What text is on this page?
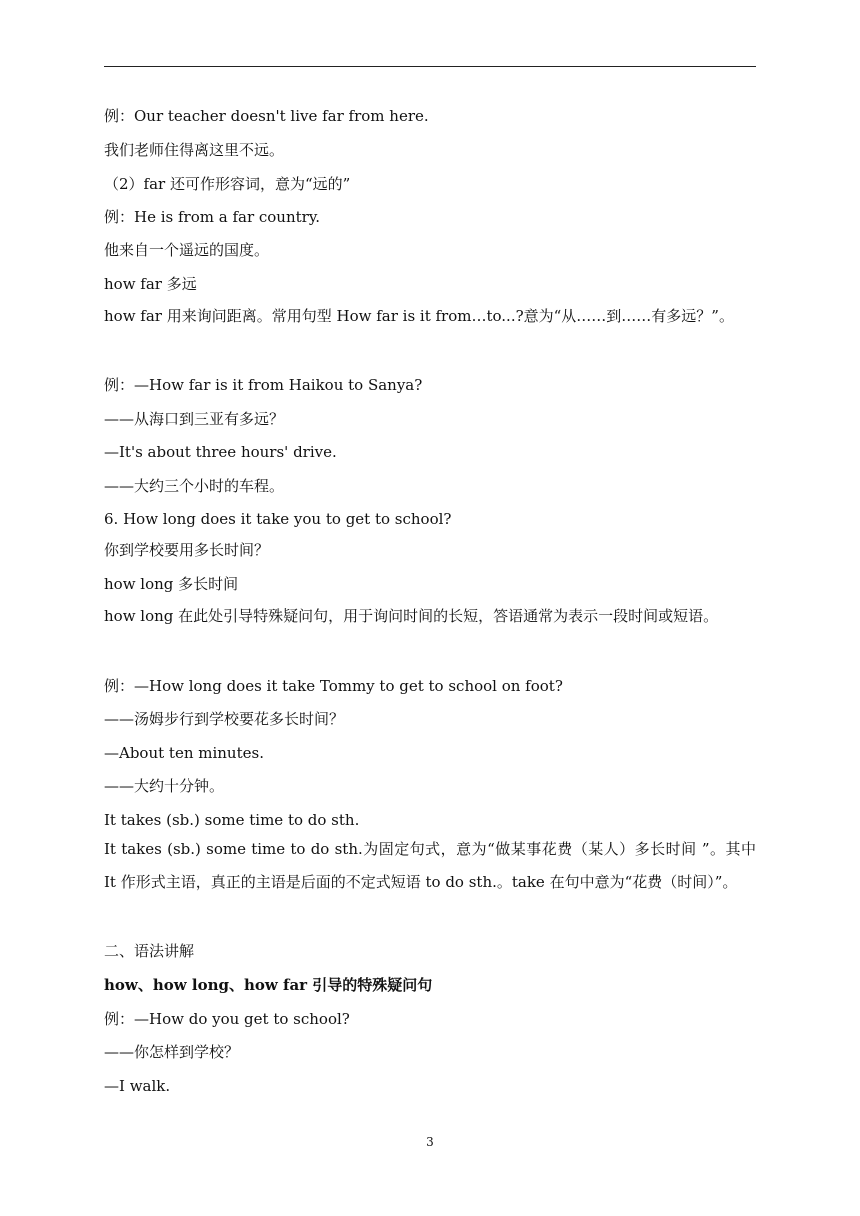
例：Our teacher doesn't live far from here.
我们老师住得离这里不远。
（2）far 还可作形容词，意为“远的”
例：He is from a far country.
他来自一个遥远的国度。
how far 多远
how far 用来询问距离。常用句型 How far is it from…to...?意为“从……到……有多远？”。
例：—How far is it from Haikou to Sanya?
——从海口到三亚有多远？
—It's about three hours' drive.
——大约三个小时的车程。
6. How long does it take you to get to school?
你到学校要用多长时间？
how long 多长时间
how long 在此处引导特殊疑问句，用于询问时间的长短，答语通常为表示一段时间或短语。
例：—How long does it take Tommy to get to school on foot?
——汤姆步行到学校要花多长时间？
—About ten minutes.
——大约十分钟。
It takes (sb.) some time to do sth.
It takes (sb.) some time to do sth.为固定句式，意为“做某事花费（某人）多长时间 ”。其中 It 作形式主语，真正的主语是后面的不定式短语 to do sth.。take 在句中意为“花费（时间）”。
二、语法讲解
how、how long、how far 引导的特殊疑问句
例：—How do you get to school?
——你怎样到学校？
—I walk.
3
